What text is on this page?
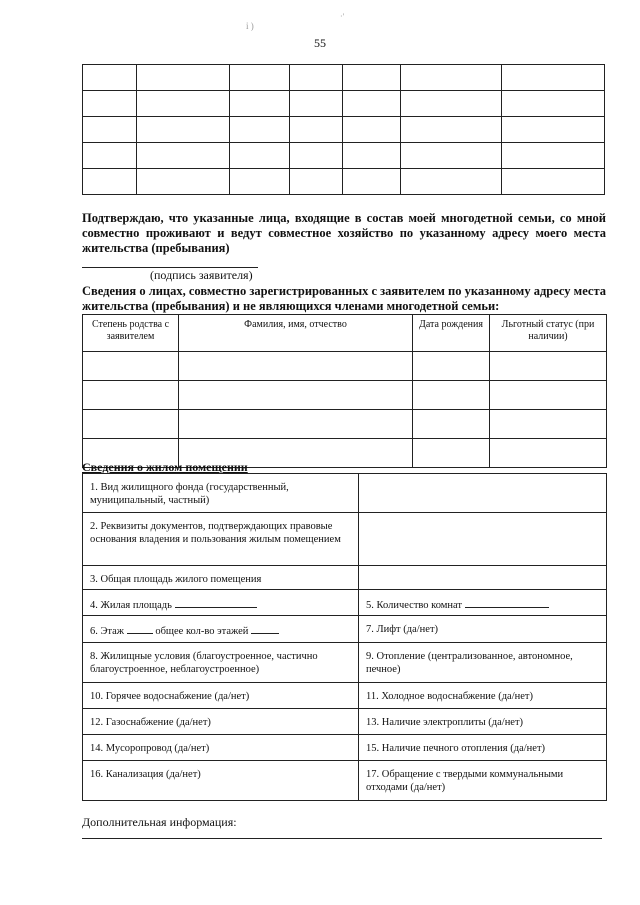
·′
i )
55

Подтверждаю, что указанные лица, входящие в состав моей многодетной семьи, со мной совместно проживают и ведут совместное хозяйство по указанному адресу моего места жительства (пребывания)
(подпись заявителя)
Сведения о лицах, совместно зарегистрированных с заявителем по указанному адресу места жительства (пребывания) и не являющихся членами многодетной семьи:
Степень родства с заявителем	Фамилия, имя, отчество	Дата рождения	Льготный статус (при наличии)

Сведения о жилом помещении
1. Вид жилищного фонда (государственный, муниципальный, частный)	
2. Реквизиты документов, подтверждающих правовые основания владения и пользования жилым помещением	
3. Общая площадь жилого помещения	
4. Жилая площадь	5. Количество комнат
6. Этаж общее кол-во этажей	7. Лифт (да/нет)
8. Жилищные условия (благоустроенное, частично благоустроенное, неблагоустроенное)	9. Отопление (централизованное, автономное, печное)
10. Горячее водоснабжение (да/нет)	11. Холодное водоснабжение (да/нет)
12. Газоснабжение (да/нет)	13. Наличие электроплиты (да/нет)
14. Мусоропровод (да/нет)	15. Наличие печного отопления (да/нет)
16. Канализация (да/нет)	17. Обращение с твердыми коммунальными отходами (да/нет)
Дополнительная информация:
